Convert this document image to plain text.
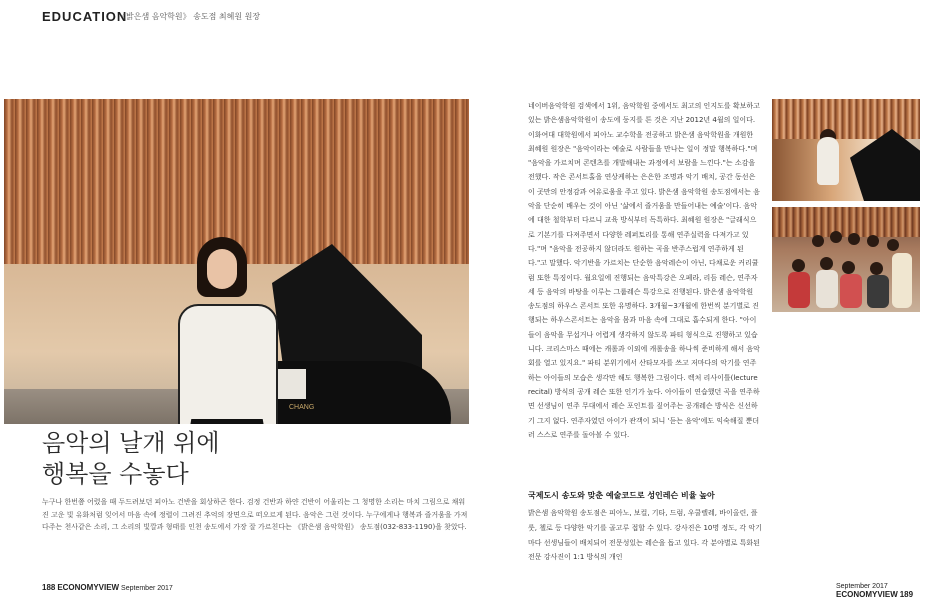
EDUCATION
《밝은샘 음악학원》 송도점 최혜원 원장
CHANG
음악의 날개 위에
행복을 수놓다
누구나 한번쯤 어렸을 때 두드려보던 피아노 건반을 회상하곤 한다. 검정 건반과 하얀 건반이 어울리는 그 청명한 소리는 마치 그림으로 채워진 고운 빛 유화처럼 잊어서 마음 속에 정렬이 그려진 추억의 장면으로 떠오르게 된다. 음악은 그런 것이다. 누구에게나 행복과 즐거움을 가져다주는 천사같은 소리, 그 소리의 빛깔과 형태를 인천 송도에서 가장 잘 가르친다는 《밝은샘 음악학원》 송도점(032-833-1190)을 찾았다.

네이버음악학원 검색에서 1위, 음악학원 중에서도 최고의 인지도를 확보하고 있는 밝은샘음악학원이 송도에 둥지를 튼 것은 지난 2012년 4월의 일이다. 이화여대 대학원에서 피아노 교수학을 전공하고 밝은샘 음악학원을 개원한 최혜원 원장은 "음악이라는 예술로 사람들을 만나는 일이 정말 행복하다."며 "음악을 가르치며 콘텐츠를 개발해내는 과정에서 보람을 느낀다."는 소감을 전했다. 작은 콘서트홀을 연상케하는 은은한 조명과 악기 배치, 공간 동선은 이 곳만의 안정감과 여유로움을 주고 있다. 밝은샘 음악학원 송도점에서는 음악을 단순히 배우는 것이 아닌 '삶에서 즐거움을 만들어내는 예술'이다. 음악에 대한 철학부터 다르니 교육 방식부터 독특하다. 최혜원 원장은 "글래식으로 기본기를 다져주면서 다양한 레퍼토리를 통해 연주실력을 다져가고 있다."며 "음악을 전공하지 않더라도 원하는 곡을 반주스럽게 연주하게 된다."고 말했다. 악기반을 가르치는 단순한 음악레슨이 아닌, 다채로운 커리큘럼 또한 특징이다. 월요일에 진행되는 음악특강은 오페라, 리듬 레슨, 연주자세 등 음악의 바탕을 이루는 그룹레슨 특강으로 진행된다. 밝은샘 음악학원 송도점의 하우스 콘서트 또한 유명하다. 3개월~3개월에 한번씩 분기별로 진행되는 하우스콘서트는 음악을 몸과 마음 속에 그대로 흡수되게 한다. "아이들이 음악을 무섭거나 어렵게 생각하지 않도록 파티 형식으로 진행하고 있습니다. 크리스마스 때에는 캐롤과 이외에 캐롤송을 하나씩 준비하게 해서 음악회를 열고 있지요." 파티 분위기에서 산타모자를 쓰고 저마다의 악기를 연주하는 아이들의 모습은 생각만 해도 행복한 그림이다. 렉처 리사이틀(lecture recital) 방식의 공개 레슨 또한 인기가 높다. 아이들이 연습했던 곡을 연주하면 선생님이 연주 무대에서 레슨 포인트를 짚어주는 공개레슨 방식은 신선하기 그지 없다. 연주자였던 아이가 관객이 되니 '듣는 음악'에도 익숙해질 뿐더러 스스로 연주를 돌아볼 수 있다.

국제도시 송도와 맞춘 예술코드로 성인레슨 비율 높아
밝은샘 음악학원 송도점은 피아노, 보컬, 기타, 드럼, 우쿨렐레, 바이올린, 플룻, 첼로 등 다양한 악기를 골고루 접할 수 있다. 강사진은 10명 정도, 각 악기마다 선생님들이 배치되어 전문성있는 레슨을 돕고 있다. 각 분야별로 특화된 전문 강사진이 1:1 방식의 개인
188 ECONOMYVIEW September 2017	September 2017 ECONOMYVIEW 189
